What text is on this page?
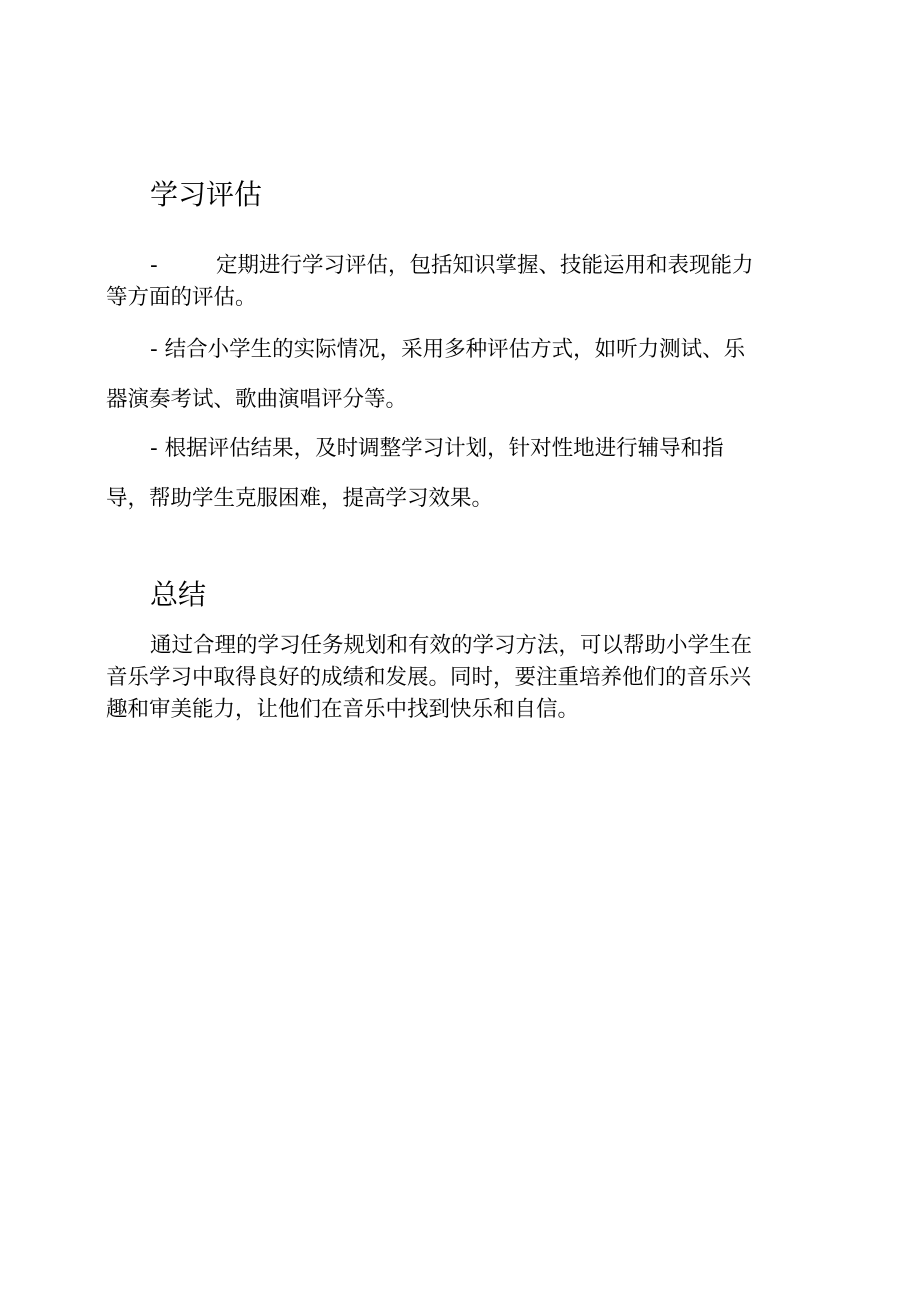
学习评估

-	定期进行学习评估，包括知识掌握、技能运用和表现能力
等方面的评估。

- 结合小学生的实际情况，采用多种评估方式，如听力测试、乐
器演奏考试、歌曲演唱评分等。

- 根据评估结果，及时调整学习计划，针对性地进行辅导和指
导，帮助学生克服困难，提高学习效果。

总结

通过合理的学习任务规划和有效的学习方法，可以帮助小学生在
音乐学习中取得良好的成绩和发展。同时，要注重培养他们的音乐兴
趣和审美能力，让他们在音乐中找到快乐和自信。
